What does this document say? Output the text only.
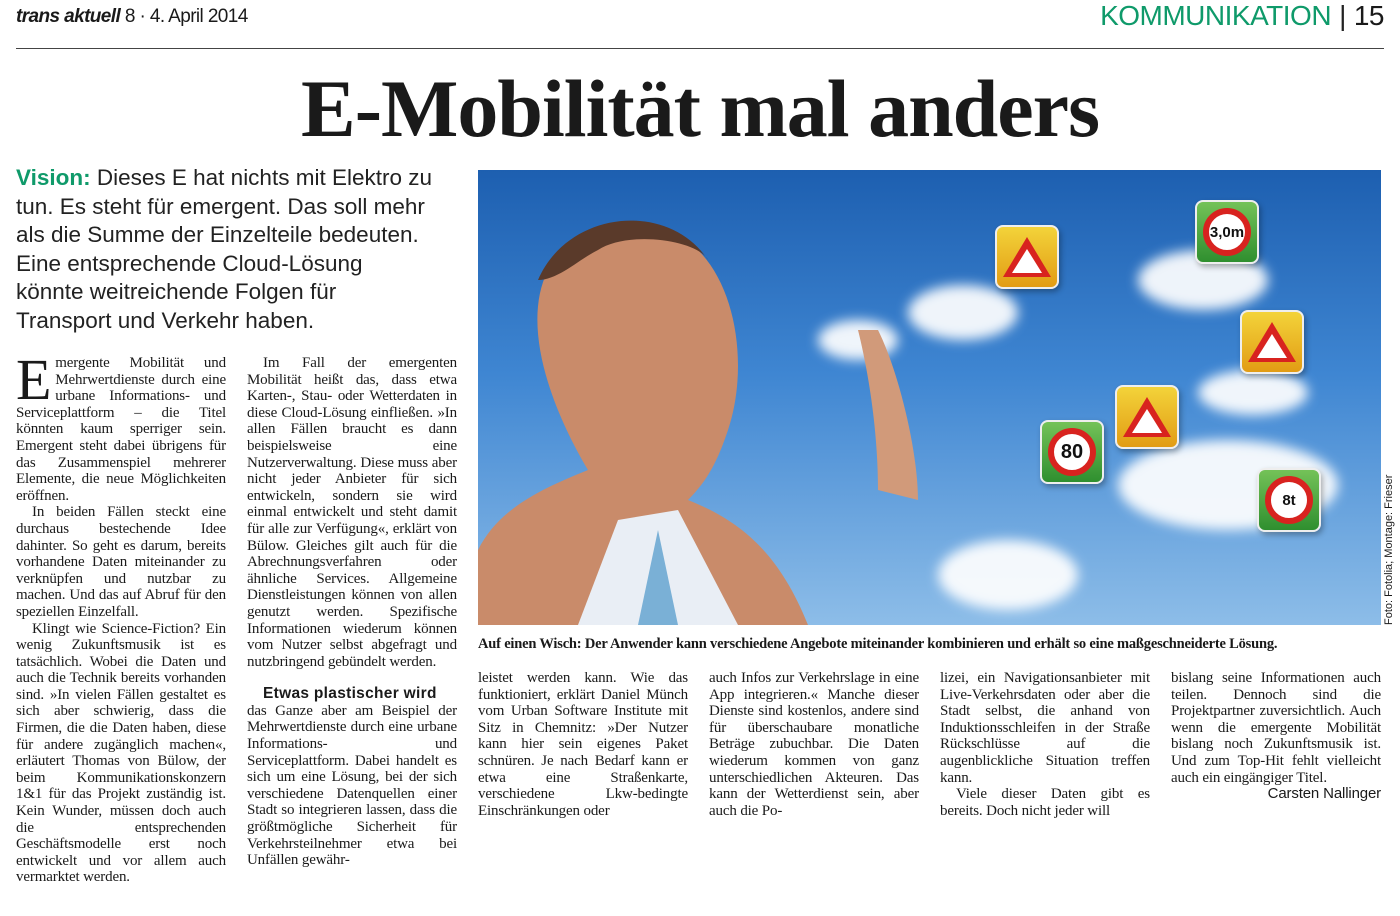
trans aktuell 8 · 4. April 2014	KOMMUNIKATION | 15
E-Mobilität mal anders
Vision: Dieses E hat nichts mit Elektro zu tun. Es steht für emergent. Das soll mehr als die Summe der Einzelteile bedeuten. Eine entsprechende Cloud-Lösung könnte weitreichende Folgen für Transport und Verkehr haben.

Emergente Mobilität und Mehrwertdienste durch eine urbane Informations- und Serviceplattform – die Titel könnten kaum sperriger sein. Emergent steht dabei übrigens für das Zusammenspiel mehrerer Elemente, die neue Möglichkeiten eröffnen.

In beiden Fällen steckt eine durchaus bestechende Idee dahinter. So geht es darum, bereits vorhandene Daten miteinander zu verknüpfen und nutzbar zu machen. Und das auf Abruf für den speziellen Einzelfall.

Klingt wie Science-Fiction? Ein wenig Zukunftsmusik ist es tatsächlich. Wobei die Daten und auch die Technik bereits vorhanden sind. »In vielen Fällen gestaltet es sich aber schwierig, dass die Firmen, die die Daten haben, diese für andere zugänglich machen«, erläutert Thomas von Bülow, der beim Kommunikationskonzern 1&1 für das Projekt zuständig ist. Kein Wunder, müssen doch auch die entsprechenden Geschäftsmodelle erst noch entwickelt und vor allem auch vermarktet werden.

Im Fall der emergenten Mobilität heißt das, dass etwa Karten-, Stau- oder Wetterdaten in diese Cloud-Lösung einfließen. »In allen Fällen braucht es dann beispielsweise eine Nutzerverwaltung. Diese muss aber nicht jeder Anbieter für sich entwickeln, sondern sie wird einmal entwickelt und steht damit für alle zur Verfügung«, erklärt von Bülow. Gleiches gilt auch für die Abrechnungsverfahren oder ähnliche Services. Allgemeine Dienstleistungen können von allen genutzt werden. Spezifische Informationen wiederum können vom Nutzer selbst abgefragt und nutzbringend gebündelt werden.

Etwas plastischer wird

das Ganze aber am Beispiel der Mehrwertdienste durch eine urbane Informations- und Serviceplattform. Dabei handelt es sich um eine Lösung, bei der sich verschiedene Datenquellen einer Stadt so integrieren lassen, dass die größtmögliche Sicherheit für Verkehrsteilnehmer etwa bei Unfällen gewähr-

3,0m
80
8t	Foto: Fotolia; Montage: Frieser
Auf einen Wisch: Der Anwender kann verschiedene Angebote miteinander kombinieren und erhält so eine maßgeschneiderte Lösung.

leistet werden kann. Wie das funktioniert, erklärt Daniel Münch vom Urban Software Institute mit Sitz in Chemnitz: »Der Nutzer kann hier sein eigenes Paket schnüren. Je nach Bedarf kann er etwa eine Straßenkarte, verschiedene Lkw-bedingte Einschränkungen oder

auch Infos zur Verkehrslage in eine App integrieren.« Manche dieser Dienste sind kostenlos, andere sind für überschaubare monatliche Beträge zubuchbar. Die Daten wiederum kommen von ganz unterschiedlichen Akteuren. Das kann der Wetterdienst sein, aber auch die Po-

lizei, ein Navigationsanbieter mit Live-Verkehrsdaten oder aber die Stadt selbst, die anhand von Induktionsschleifen in der Straße Rückschlüsse auf die augenblickliche Situation treffen kann.

Viele dieser Daten gibt es bereits. Doch nicht jeder will

bislang seine Informationen auch teilen. Dennoch sind die Projektpartner zuversichtlich. Auch wenn die emergente Mobilität bislang noch Zukunftsmusik ist. Und zum Top-Hit fehlt vielleicht auch ein eingängiger Titel.

Carsten Nallinger
